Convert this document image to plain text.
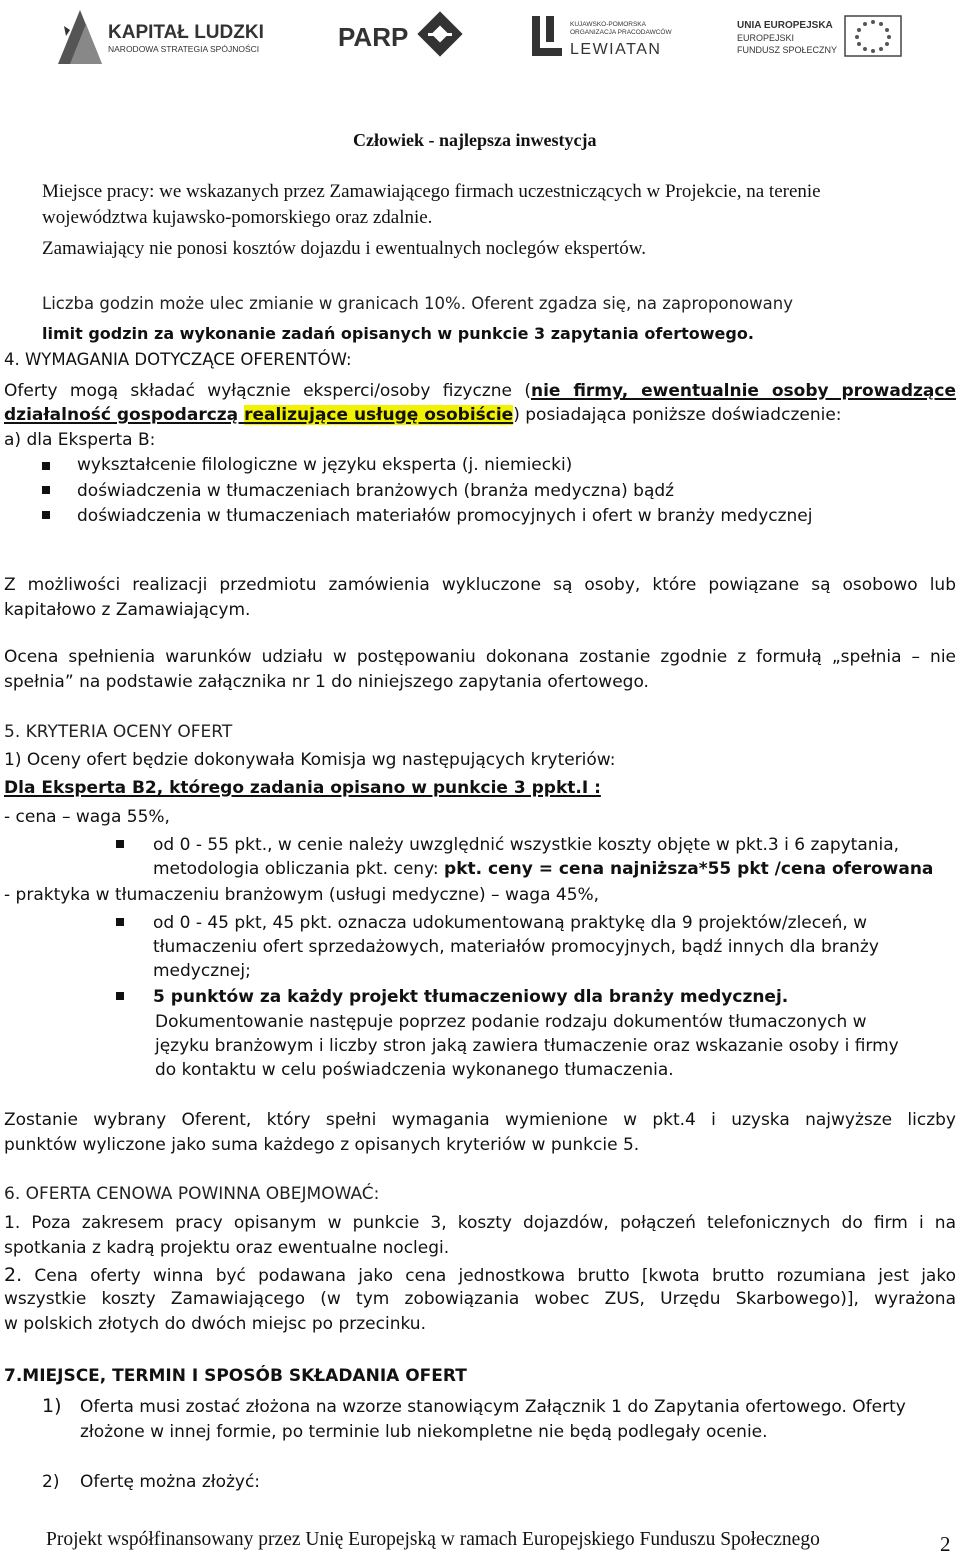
KAPITAŁ LUDZKI
NARODOWA STRATEGIA SPÓJNOŚCI	PARP	KUJAWSKO-POMORSKA
ORGANIZACJA PRACODAWCÓW
LEWIATAN
UNIA EUROPEJSKA
EUROPEJSKI
FUNDUSZ SPOŁECZNY
Człowiek - najlepsza inwestycja
Miejsce pracy: we wskazanych przez Zamawiającego firmach uczestniczących w Projekcie, na terenie
województwa kujawsko-pomorskiego oraz zdalnie.
Zamawiający nie ponosi kosztów dojazdu i ewentualnych noclegów ekspertów.
Liczba godzin może ulec zmianie w granicach 10%. Oferent zgadza się, na zaproponowany
limit godzin za wykonanie zadań opisanych w punkcie 3 zapytania ofertowego.
4. WYMAGANIA DOTYCZĄCE OFERENTÓW:
Oferty mogą składać wyłącznie eksperci/osoby fizyczne (nie firmy, ewentualnie osoby prowadzące
działalność gospodarczą realizujące usługę osobiście) posiadająca poniższe doświadczenie:
a) dla Eksperta B:
wykształcenie filologiczne w języku eksperta (j. niemiecki)
doświadczenia w tłumaczeniach branżowych (branża medyczna) bądź
doświadczenia w tłumaczeniach materiałów promocyjnych i ofert w branży medycznej
Z możliwości realizacji przedmiotu zamówienia wykluczone są osoby, które powiązane są osobowo lub
kapitałowo z Zamawiającym.
Ocena spełnienia warunków udziału w postępowaniu dokonana zostanie zgodnie z formułą „spełnia – nie
spełnia” na podstawie załącznika nr 1 do niniejszego zapytania ofertowego.
5. KRYTERIA OCENY OFERT
1) Oceny ofert będzie dokonywała Komisja wg następujących kryteriów:
Dla Eksperta B2, którego zadania opisano w punkcie 3 ppkt.I :
- cena – waga 55%,
od 0 - 55 pkt., w cenie należy uwzględnić wszystkie koszty objęte w pkt.3 i 6 zapytania,
metodologia obliczania pkt. ceny: pkt. ceny = cena najniższa*55 pkt /cena oferowana
- praktyka w tłumaczeniu branżowym (usługi medyczne) – waga 45%,
od 0 - 45 pkt, 45 pkt. oznacza udokumentowaną praktykę dla 9 projektów/zleceń, w
tłumaczeniu ofert sprzedażowych, materiałów promocyjnych, bądź innych dla branży
medycznej;
5 punktów za każdy projekt tłumaczeniowy dla branży medycznej.
Dokumentowanie następuje poprzez podanie rodzaju dokumentów tłumaczonych w
języku branżowym i liczby stron jaką zawiera tłumaczenie oraz wskazanie osoby i firmy
do kontaktu w celu poświadczenia wykonanego tłumaczenia.
Zostanie wybrany Oferent, który spełni wymagania wymienione w pkt.4 i uzyska najwyższe liczby
punktów wyliczone jako suma każdego z opisanych kryteriów w punkcie 5.
6. OFERTA CENOWA POWINNA OBEJMOWAĆ:
1. Poza zakresem pracy opisanym w punkcie 3, koszty dojazdów, połączeń telefonicznych do firm i na
spotkania z kadrą projektu oraz ewentualne noclegi.
2. Cena oferty winna być podawana jako cena jednostkowa brutto [kwota brutto rozumiana jest jako
wszystkie koszty Zamawiającego (w tym zobowiązania wobec ZUS, Urzędu Skarbowego)], wyrażona
w polskich złotych do dwóch miejsc po przecinku.
7.MIEJSCE, TERMIN I SPOSÓB SKŁADANIA OFERT
1) Oferta musi zostać złożona na wzorze stanowiącym Załącznik 1 do Zapytania ofertowego. Oferty
złożone w innej formie, po terminie lub niekompletne nie będą podlegały ocenie.
2) Ofertę można złożyć:
Projekt współfinansowany przez Unię Europejską w ramach Europejskiego Funduszu Społecznego	2
